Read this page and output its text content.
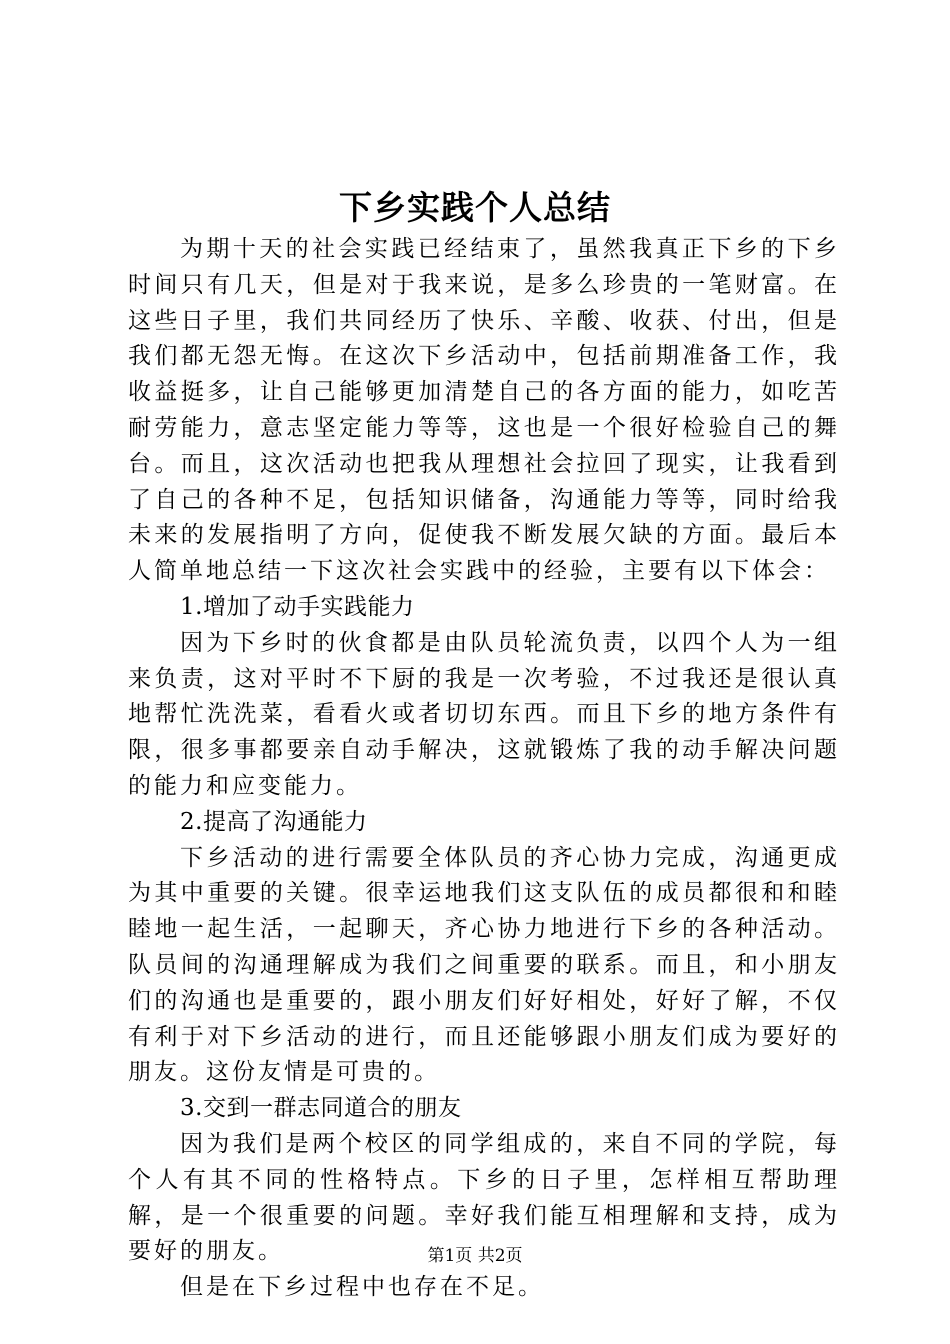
下乡实践个人总结

为期十天的社会实践已经结束了，虽然我真正下乡的下乡时间只有几天，但是对于我来说，是多么珍贵的一笔财富。在这些日子里，我们共同经历了快乐、辛酸、收获、付出，但是我们都无怨无悔。在这次下乡活动中，包括前期准备工作，我收益挺多，让自己能够更加清楚自己的各方面的能力，如吃苦耐劳能力，意志坚定能力等等，这也是一个很好检验自己的舞台。而且，这次活动也把我从理想社会拉回了现实，让我看到了自己的各种不足，包括知识储备，沟通能力等等，同时给我未来的发展指明了方向，促使我不断发展欠缺的方面。最后本人简单地总结一下这次社会实践中的经验，主要有以下体会：

1.增加了动手实践能力

因为下乡时的伙食都是由队员轮流负责，以四个人为一组来负责，这对平时不下厨的我是一次考验，不过我还是很认真地帮忙洗洗菜，看看火或者切切东西。而且下乡的地方条件有限，很多事都要亲自动手解决，这就锻炼了我的动手解决问题的能力和应变能力。

2.提高了沟通能力

下乡活动的进行需要全体队员的齐心协力完成，沟通更成为其中重要的关键。很幸运地我们这支队伍的成员都很和和睦睦地一起生活，一起聊天，齐心协力地进行下乡的各种活动。队员间的沟通理解成为我们之间重要的联系。而且，和小朋友们的沟通也是重要的，跟小朋友们好好相处，好好了解，不仅有利于对下乡活动的进行，而且还能够跟小朋友们成为要好的朋友。这份友情是可贵的。

3.交到一群志同道合的朋友

因为我们是两个校区的同学组成的，来自不同的学院，每个人有其不同的性格特点。下乡的日子里，怎样相互帮助理解，是一个很重要的问题。幸好我们能互相理解和支持，成为要好的朋友。

但是在下乡过程中也存在不足。

第1页 共2页
